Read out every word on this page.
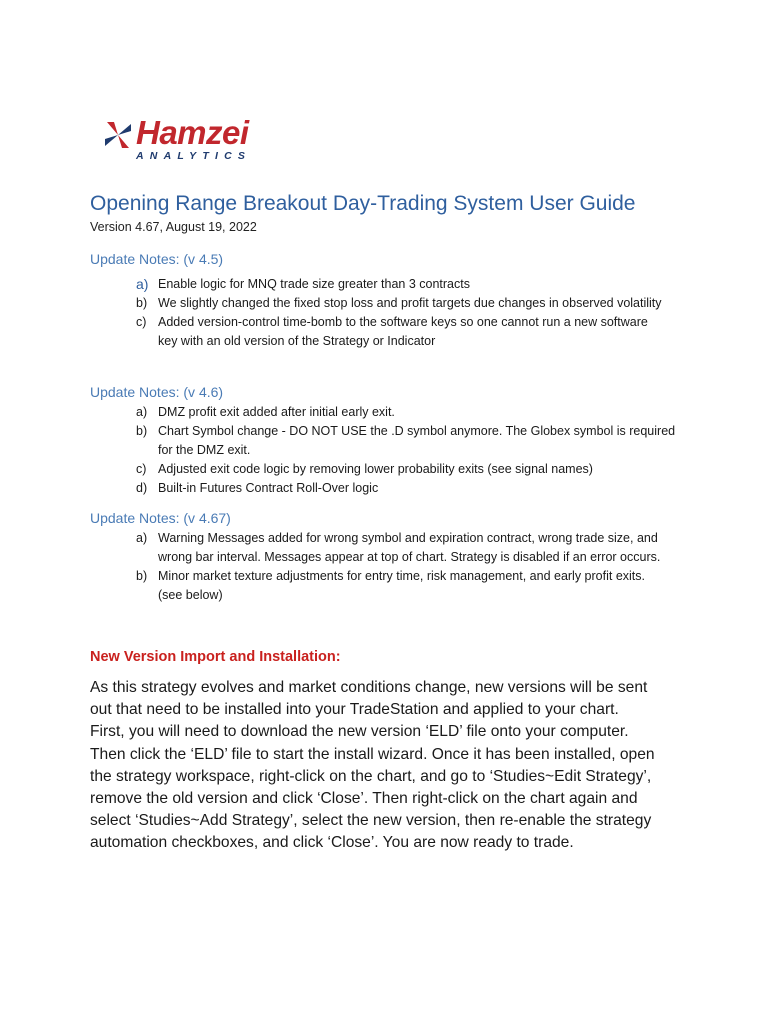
Hamzei
ANALYTICS
Opening Range Breakout Day-Trading System User Guide
Version 4.67, August 19, 2022
Update Notes: (v 4.5)
a) Enable logic for MNQ trade size greater than 3 contracts
b) We slightly changed the fixed stop loss and profit targets due changes in observed volatility
c) Added version-control time-bomb to the software keys so one cannot run a new software
key with an old version of the Strategy or Indicator
Update Notes: (v 4.6)
a) DMZ profit exit added after initial early exit.
b) Chart Symbol change - DO NOT USE the .D symbol anymore. The Globex symbol is required
for the DMZ exit.
c) Adjusted exit code logic by removing lower probability exits (see signal names)
d) Built-in Futures Contract Roll-Over logic
Update Notes: (v 4.67)
a) Warning Messages added for wrong symbol and expiration contract, wrong trade size, and
wrong bar interval. Messages appear at top of chart. Strategy is disabled if an error occurs.
b) Minor market texture adjustments for entry time, risk management, and early profit exits.
(see below)
New Version Import and Installation:
As this strategy evolves and market conditions change, new versions will be sent
out that need to be installed into your TradeStation and applied to your chart.
First, you will need to download the new version ‘ELD’ file onto your computer.
Then click the ‘ELD’ file to start the install wizard. Once it has been installed, open
the strategy workspace, right-click on the chart, and go to ‘Studies~Edit Strategy’,
remove the old version and click ‘Close’. Then right-click on the chart again and
select ‘Studies~Add Strategy’, select the new version, then re-enable the strategy
automation checkboxes, and click ‘Close’. You are now ready to trade.
